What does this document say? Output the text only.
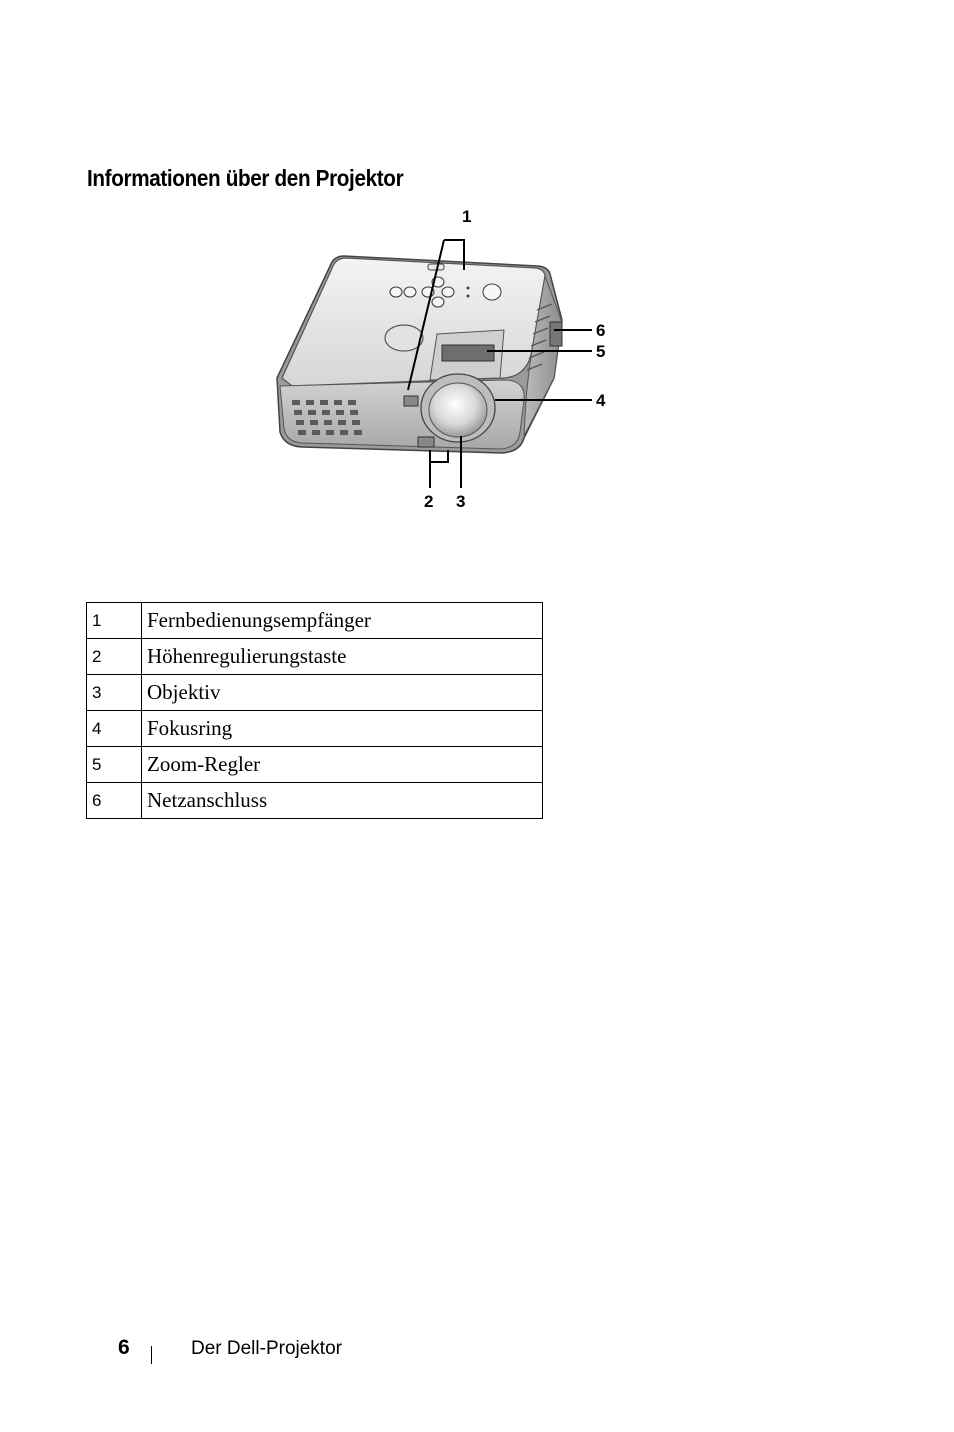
Informationen über den Projektor
1
2 3
4
5
6
1	Fernbedienungsempfänger
2	Höhenregulierungstaste
3	Objektiv
4	Fokusring
5	Zoom-Regler
6	Netzanschluss
6	Der Dell-Projektor
